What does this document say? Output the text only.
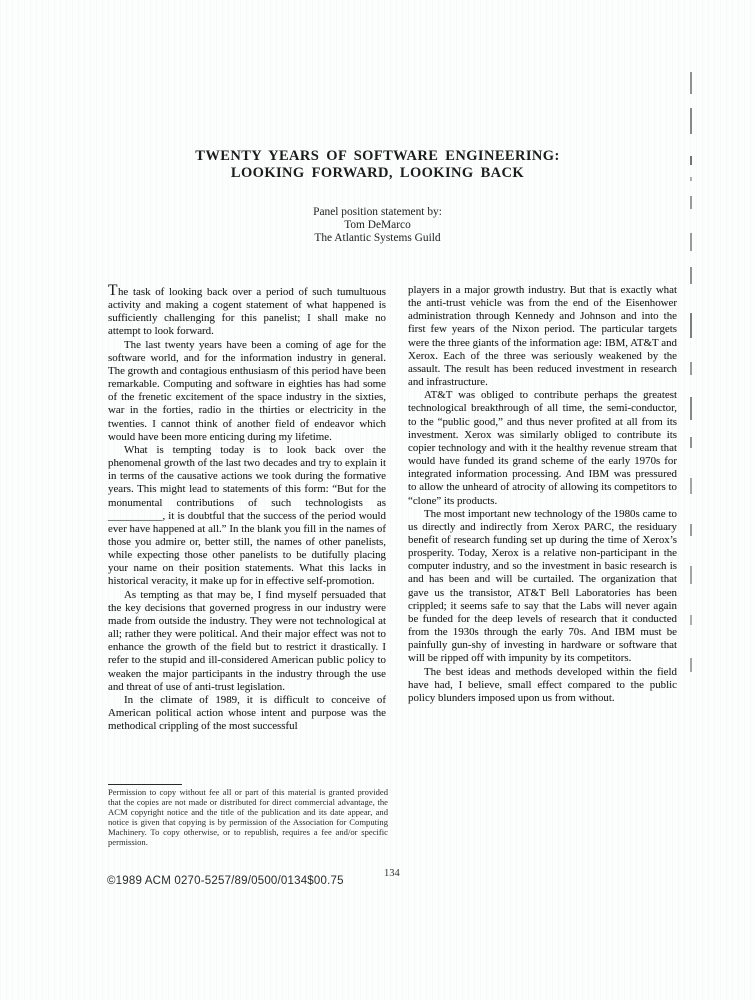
TWENTY YEARS OF SOFTWARE ENGINEERING:
LOOKING FORWARD, LOOKING BACK
Panel position statement by:
Tom DeMarco
The Atlantic Systems Guild

The task of looking back over a period of such tumultuous activity and making a cogent statement of what happened is sufficiently challenging for this panelist; I shall make no attempt to look forward.

The last twenty years have been a coming of age for the software world, and for the information industry in general. The growth and contagious enthusiasm of this period have been remarkable. Computing and software in eighties has had some of the frenetic excitement of the space industry in the sixties, war in the forties, radio in the thirties or electricity in the twenties. I cannot think of another field of endeavor which would have been more enticing during my lifetime.

What is tempting today is to look back over the phenomenal growth of the last two decades and try to explain it in terms of the causative actions we took during the formative years. This might lead to statements of this form: “But for the monumental contributions of such technologists as __________, it is doubtful that the success of the period would ever have happened at all.” In the blank you fill in the names of those you admire or, better still, the names of other panelists, while expecting those other panelists to be dutifully placing your name on their position statements. What this lacks in historical veracity, it make up for in effective self-promotion.

As tempting as that may be, I find myself persuaded that the key decisions that governed progress in our industry were made from outside the industry. They were not technological at all; rather they were political. And their major effect was not to enhance the growth of the field but to restrict it drastically. I refer to the stupid and ill-considered American public policy to weaken the major participants in the industry through the use and threat of use of anti-trust legislation.

In the climate of 1989, it is difficult to conceive of American political action whose intent and purpose was the methodical crippling of the most successful

players in a major growth industry. But that is exactly what the anti-trust vehicle was from the end of the Eisenhower administration through Kennedy and Johnson and into the first few years of the Nixon period. The particular targets were the three giants of the information age: IBM, AT&T and Xerox. Each of the three was seriously weakened by the assault. The result has been reduced investment in research and infrastructure.

AT&T was obliged to contribute perhaps the greatest technological breakthrough of all time, the semi-conductor, to the “public good,” and thus never profited at all from its investment. Xerox was similarly obliged to contribute its copier technology and with it the healthy revenue stream that would have funded its grand scheme of the early 1970s for integrated information processing. And IBM was pressured to allow the unheard of atrocity of allowing its competitors to “clone” its products.

The most important new technology of the 1980s came to us directly and indirectly from Xerox PARC, the residuary benefit of research funding set up during the time of Xerox’s prosperity. Today, Xerox is a relative non-participant in the computer industry, and so the investment in basic research is and has been and will be curtailed. The organization that gave us the transistor, AT&T Bell Laboratories has been crippled; it seems safe to say that the Labs will never again be funded for the deep levels of research that it conducted from the 1930s through the early 70s. And IBM must be painfully gun-shy of investing in hardware or software that will be ripped off with impunity by its competitors.

The best ideas and methods developed within the field have had, I believe, small effect compared to the public policy blunders imposed upon us from without.

Permission to copy without fee all or part of this material is granted provided that the copies are not made or distributed for direct commercial advantage, the ACM copyright notice and the title of the publication and its date appear, and notice is given that copying is by permission of the Association for Computing Machinery. To copy otherwise, or to republish, requires a fee and/or specific permission.
©1989 ACM 0270-5257/89/0500/0134$00.75
134
